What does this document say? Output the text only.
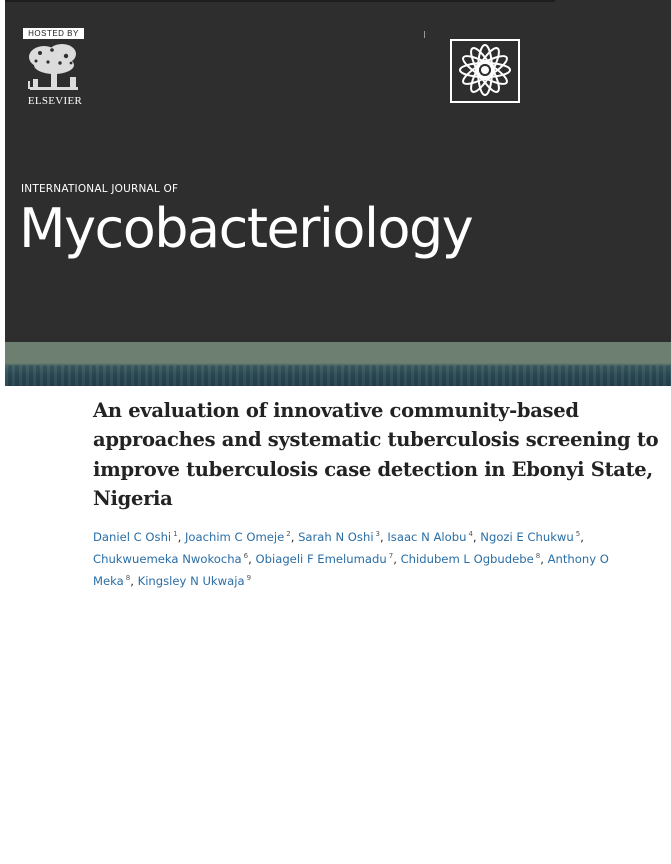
HOSTED BY
ELSEVIER
INTERNATIONAL JOURNAL OF
Mycobacteriology
An evaluation of innovative community-based approaches and systematic tuberculosis screening to improve tuberculosis case detection in Ebonyi State, Nigeria
Daniel C Oshi $^1$, Joachim C Omeje $^2$, Sarah N Oshi $^3$, Isaac N Alobu $^4$, Ngozi E Chukwu $^5$, Chukwuemeka Nwokocha $^6$, Obiageli F Emelumadu $^7$, Chidubem L Ogbudebe $^8$, Anthony O Meka $^8$, Kingsley N Ukwaja $^9$
